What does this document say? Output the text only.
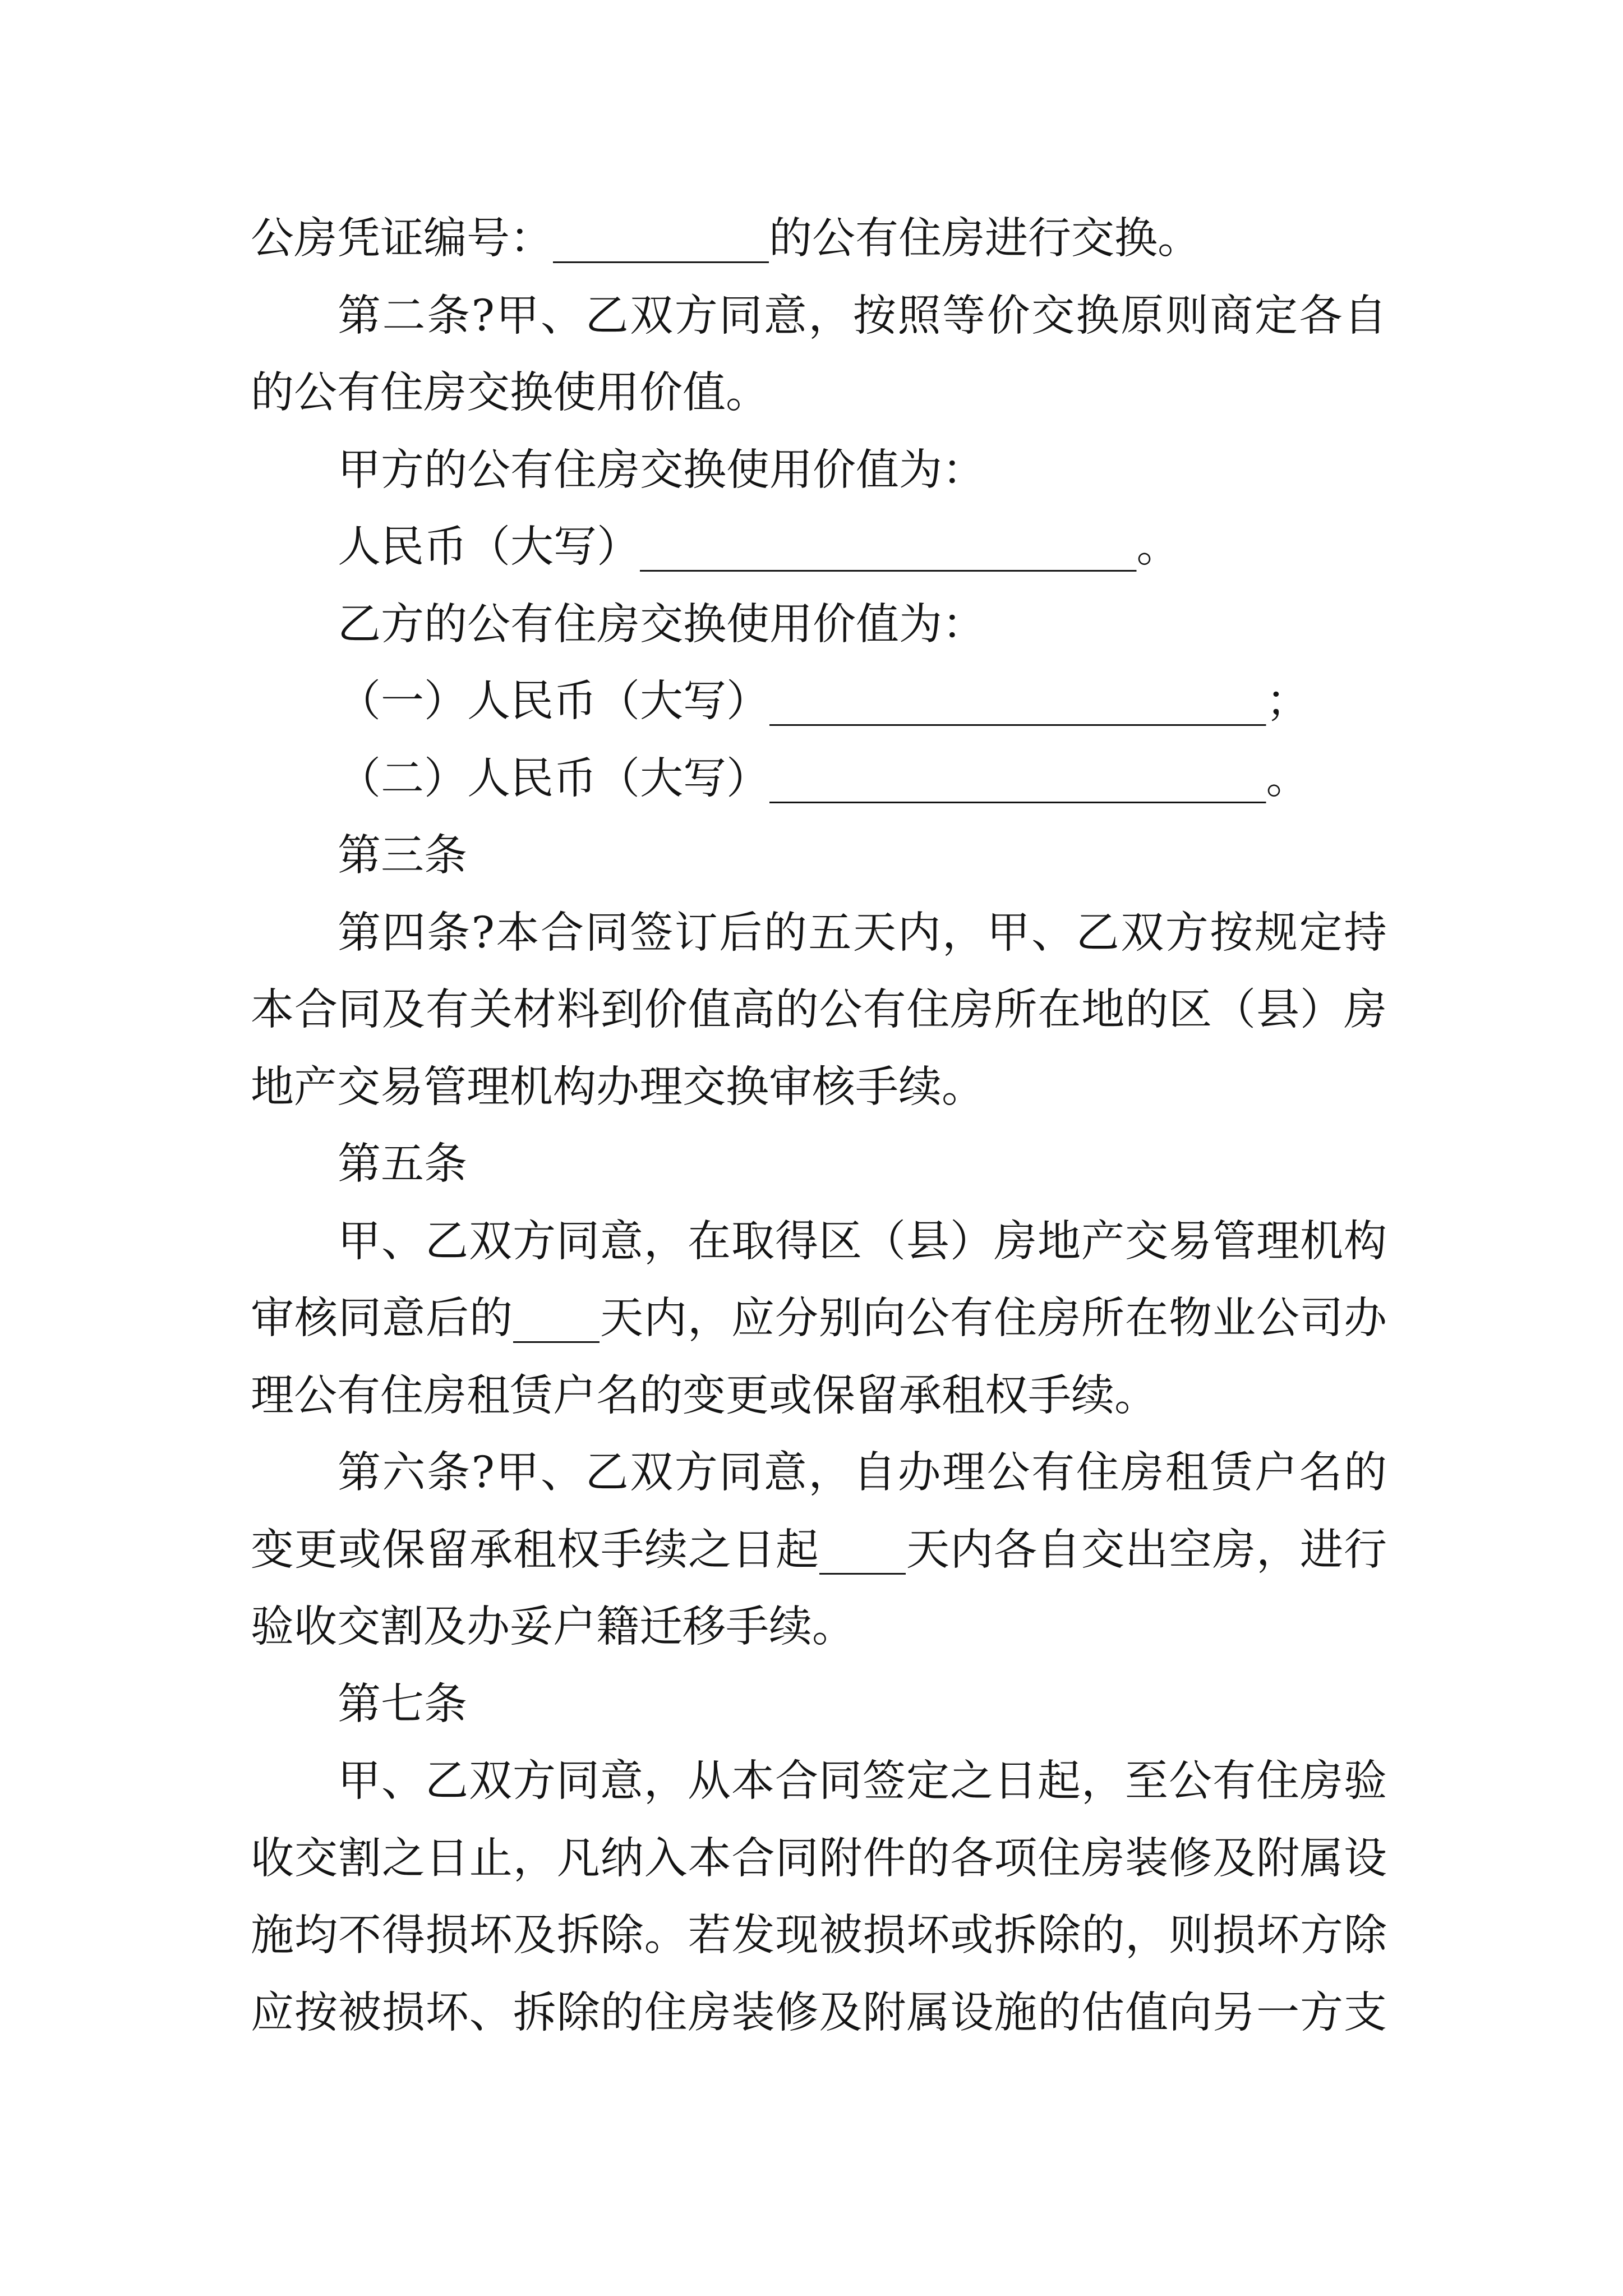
公房凭证编号：__________的公有住房进行交换。
第二条?甲、乙双方同意，按照等价交换原则商定各自
的公有住房交换使用价值。
甲方的公有住房交换使用价值为：
人民币（大写）_______________________。
乙方的公有住房交换使用价值为：
（一）人民币（大写）_______________________；
（二）人民币（大写）_______________________。
第三条
第四条?本合同签订后的五天内，甲、乙双方按规定持
本合同及有关材料到价值高的公有住房所在地的区（县）房
地产交易管理机构办理交换审核手续。
第五条
甲、乙双方同意，在取得区（县）房地产交易管理机构
审核同意后的____天内，应分别向公有住房所在物业公司办
理公有住房租赁户名的变更或保留承租权手续。
第六条?甲、乙双方同意，自办理公有住房租赁户名的
变更或保留承租权手续之日起____天内各自交出空房，进行
验收交割及办妥户籍迁移手续。
第七条
甲、乙双方同意，从本合同签定之日起，至公有住房验
收交割之日止，凡纳入本合同附件的各项住房装修及附属设
施均不得损坏及拆除。若发现被损坏或拆除的，则损坏方除
应按被损坏、拆除的住房装修及附属设施的估值向另一方支
